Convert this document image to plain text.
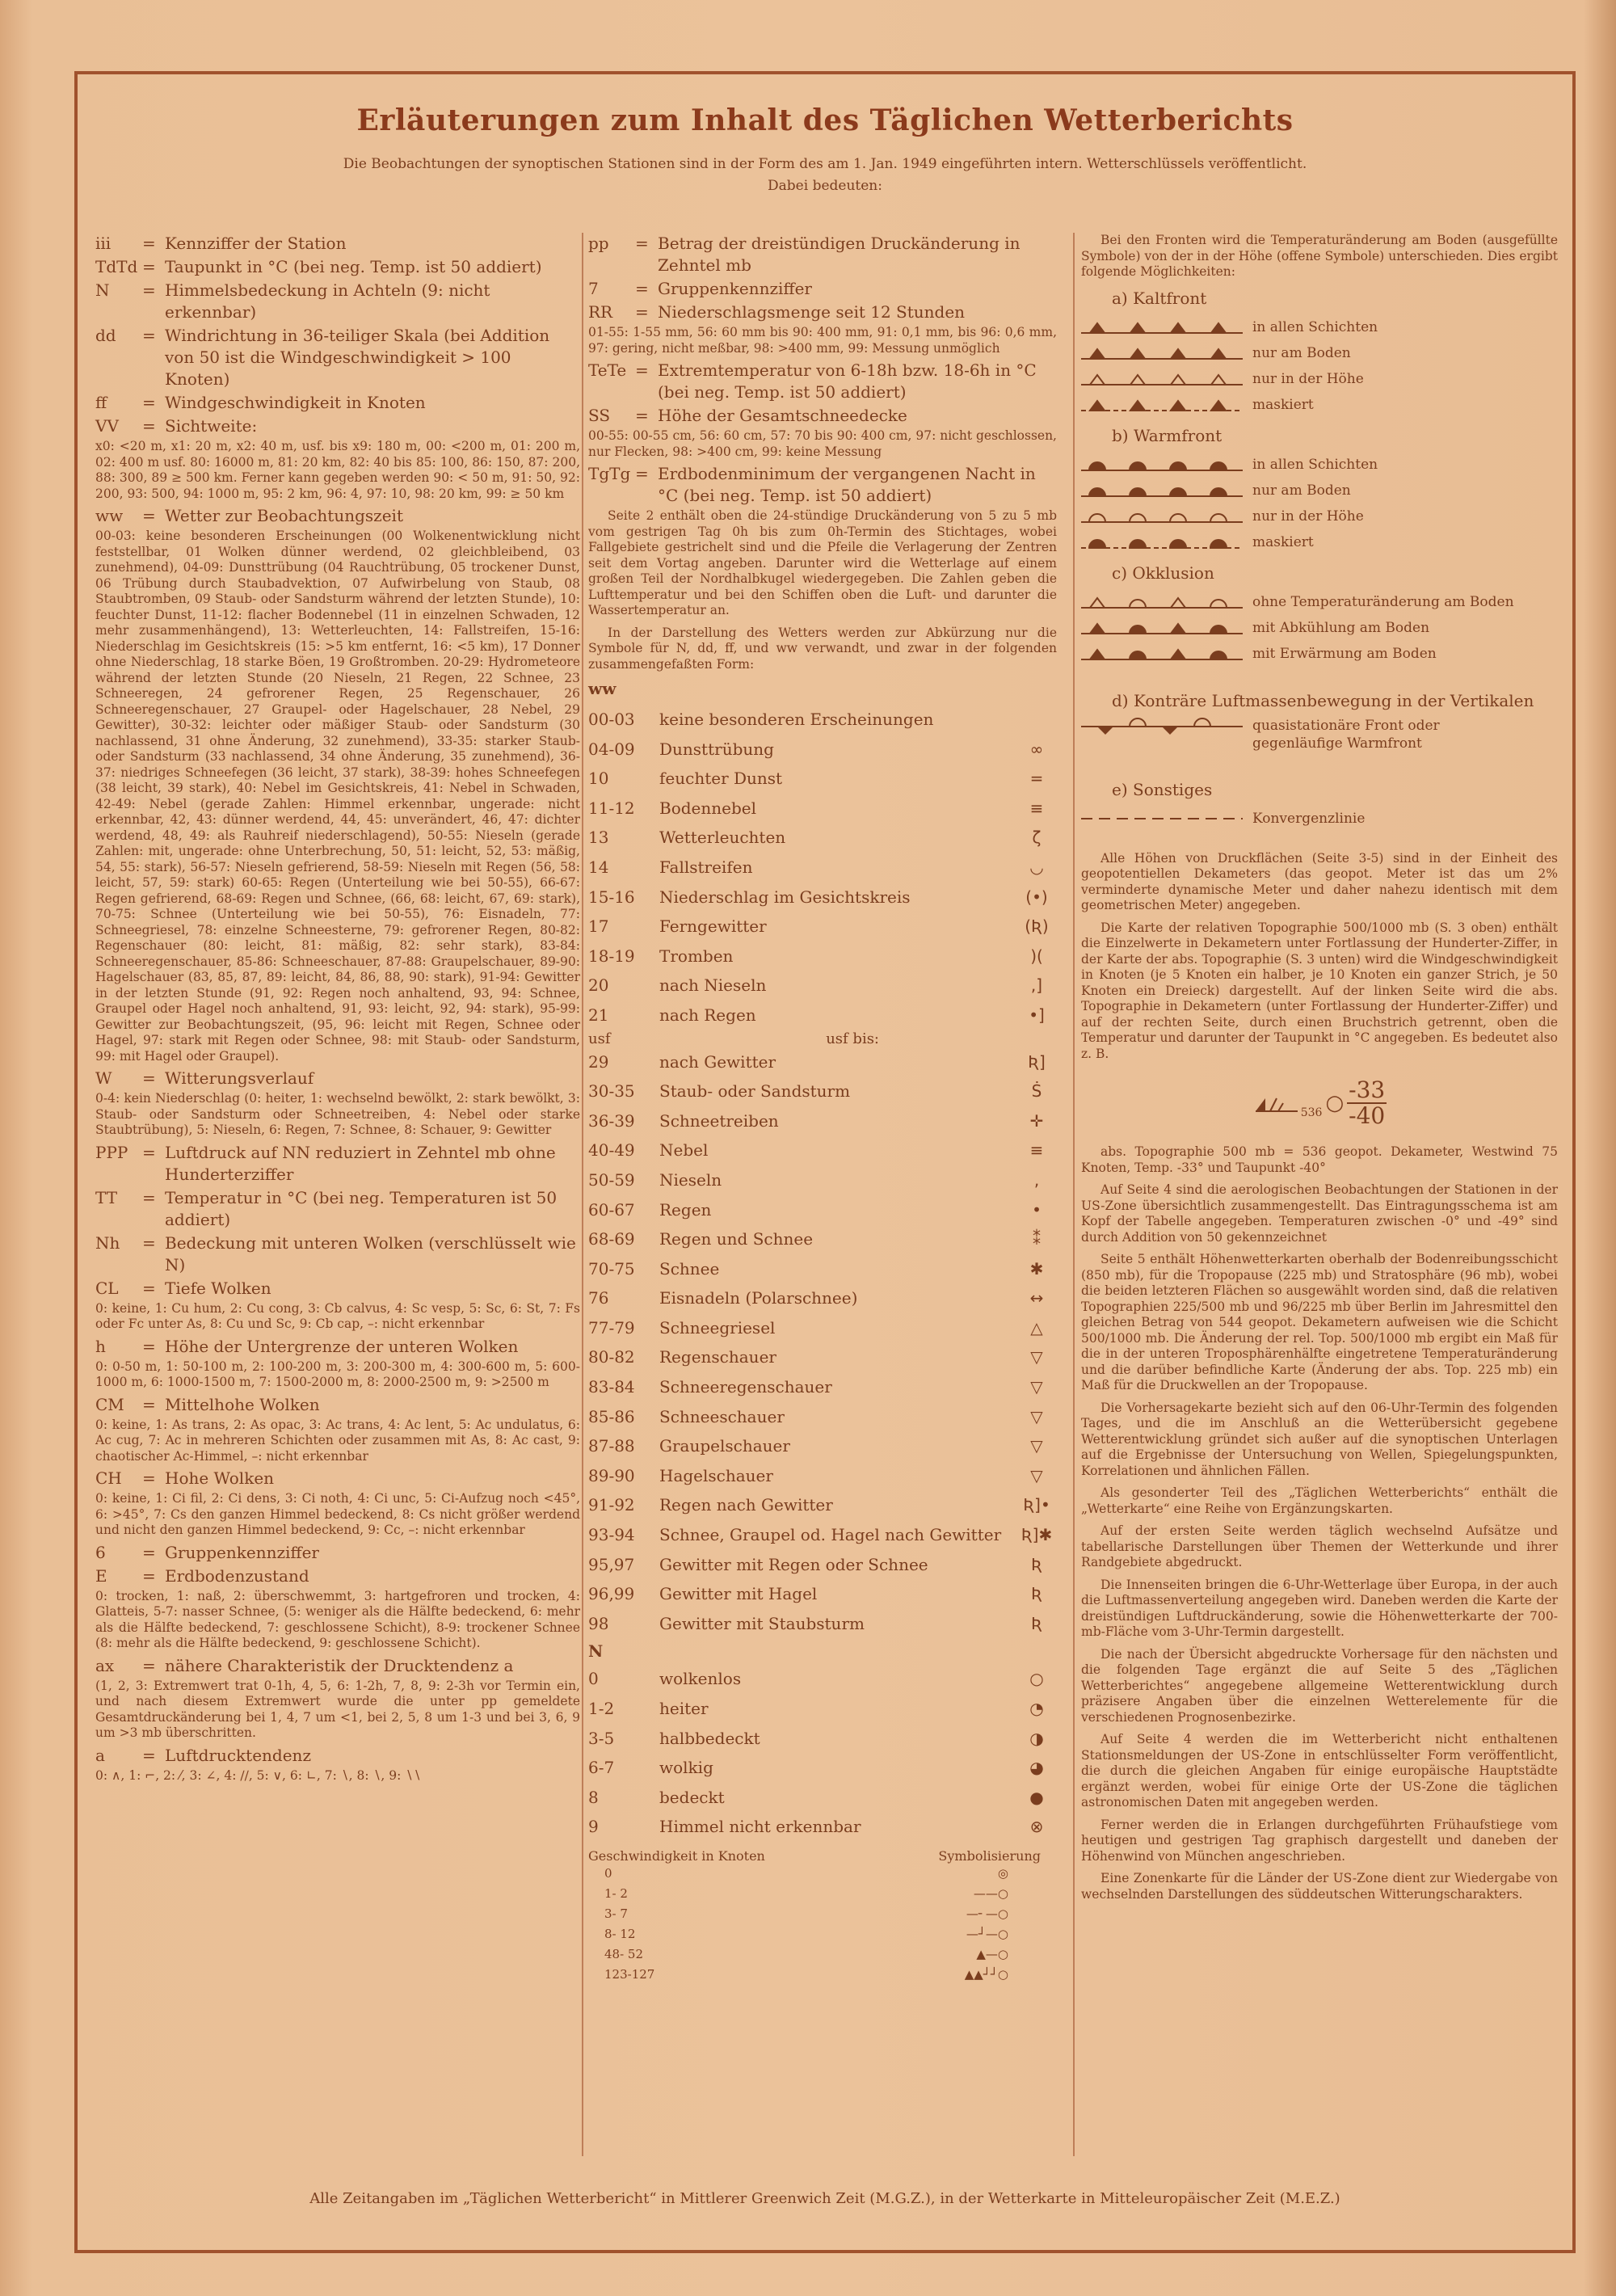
Erläuterungen zum Inhalt des Täglichen Wetterberichts
Die Beobachtungen der synoptischen Stationen sind in der Form des am 1. Jan. 1949 eingeführten intern. Wetterschlüssels veröffentlicht.
Dabei bedeuten:
iii	= Kennziffer der Station
TdTd = Taupunkt in °C (bei neg. Temp. ist 50 addiert)
N	= Himmelsbedeckung in Achteln (9: nicht erkennbar)
dd	= Windrichtung in 36-teiliger Skala (bei Addition von 50 ist die Windgeschwindigkeit > 100 Knoten)
ff	= Windgeschwindigkeit in Knoten
VV	= Sichtweite:
x0: <20 m, x1: 20 m, x2: 40 m, usf. bis x9: 180 m, 00: <200 m, 01: 200 m, 02: 400 m usf. 80: 16000 m, 81: 20 km, 82: 40 bis 85: 100, 86: 150, 87: 200, 88: 300, 89 ≥ 500 km. Ferner kann gegeben werden 90: < 50 m, 91: 50, 92: 200, 93: 500, 94: 1000 m, 95: 2 km, 96: 4, 97: 10, 98: 20 km, 99: ≥ 50 km
ww	= Wetter zur Beobachtungszeit
00-03: keine besonderen Erscheinungen (00 Wolkenentwicklung nicht feststellbar, 01 Wolken dünner werdend, 02 gleichbleibend, 03 zunehmend), 04-09: Dunsttrübung (04 Rauchtrübung, 05 trockener Dunst, 06 Trübung durch Staubadvektion, 07 Aufwirbelung von Staub, 08 Staubtromben, 09 Staub- oder Sandsturm während der letzten Stunde), 10: feuchter Dunst, 11-12: flacher Bodennebel (11 in einzelnen Schwaden, 12 mehr zusammenhängend), 13: Wetterleuchten, 14: Fallstreifen, 15-16: Niederschlag im Gesichtskreis (15: >5 km entfernt, 16: <5 km), 17 Donner ohne Niederschlag, 18 starke Böen, 19 Großtromben. 20-29: Hydrometeore während der letzten Stunde (20 Nieseln, 21 Regen, 22 Schnee, 23 Schneeregen, 24 gefrorener Regen, 25 Regenschauer, 26 Schneeregenschauer, 27 Graupel- oder Hagelschauer, 28 Nebel, 29 Gewitter), 30-32: leichter oder mäßiger Staub- oder Sandsturm (30 nachlassend, 31 ohne Änderung, 32 zunehmend), 33-35: starker Staub- oder Sandsturm (33 nachlassend, 34 ohne Änderung, 35 zunehmend), 36-37: niedriges Schneefegen (36 leicht, 37 stark), 38-39: hohes Schneefegen (38 leicht, 39 stark), 40: Nebel im Gesichtskreis, 41: Nebel in Schwaden, 42-49: Nebel (gerade Zahlen: Himmel erkennbar, ungerade: nicht erkennbar, 42, 43: dünner werdend, 44, 45: unverändert, 46, 47: dichter werdend, 48, 49: als Rauhreif niederschlagend), 50-55: Nieseln (gerade Zahlen: mit, ungerade: ohne Unterbrechung, 50, 51: leicht, 52, 53: mäßig, 54, 55: stark), 56-57: Nieseln gefrierend, 58-59: Nieseln mit Regen (56, 58: leicht, 57, 59: stark) 60-65: Regen (Unterteilung wie bei 50-55), 66-67: Regen gefrierend, 68-69: Regen und Schnee, (66, 68: leicht, 67, 69: stark), 70-75: Schnee (Unterteilung wie bei 50-55), 76: Eisnadeln, 77: Schneegriesel, 78: einzelne Schneesterne, 79: gefrorener Regen, 80-82: Regenschauer (80: leicht, 81: mäßig, 82: sehr stark), 83-84: Schneeregenschauer, 85-86: Schneeschauer, 87-88: Graupelschauer, 89-90: Hagelschauer (83, 85, 87, 89: leicht, 84, 86, 88, 90: stark), 91-94: Gewitter in der letzten Stunde (91, 92: Regen noch anhaltend, 93, 94: Schnee, Graupel oder Hagel noch anhaltend, 91, 93: leicht, 92, 94: stark), 95-99: Gewitter zur Beobachtungszeit, (95, 96: leicht mit Regen, Schnee oder Hagel, 97: stark mit Regen oder Schnee, 98: mit Staub- oder Sandsturm, 99: mit Hagel oder Graupel).
W	= Witterungsverlauf
0-4: kein Niederschlag (0: heiter, 1: wechselnd bewölkt, 2: stark bewölkt, 3: Staub- oder Sandsturm oder Schneetreiben, 4: Nebel oder starke Staubtrübung), 5: Nieseln, 6: Regen, 7: Schnee, 8: Schauer, 9: Gewitter
PPP = Luftdruck auf NN reduziert in Zehntel mb ohne Hunderterziffer
TT	= Temperatur in °C (bei neg. Temperaturen ist 50 addiert)
Nh	= Bedeckung mit unteren Wolken (verschlüsselt wie N)
CL	= Tiefe Wolken
0: keine, 1: Cu hum, 2: Cu cong, 3: Cb calvus, 4: Sc vesp, 5: Sc, 6: St, 7: Fs oder Fc unter As, 8: Cu und Sc, 9: Cb cap, –: nicht erkennbar
h	= Höhe der Untergrenze der unteren Wolken
0: 0-50 m, 1: 50-100 m, 2: 100-200 m, 3: 200-300 m, 4: 300-600 m, 5: 600-1000 m, 6: 1000-1500 m, 7: 1500-2000 m, 8: 2000-2500 m, 9: >2500 m
CM	= Mittelhohe Wolken
0: keine, 1: As trans, 2: As opac, 3: Ac trans, 4: Ac lent, 5: Ac undulatus, 6: Ac cug, 7: Ac in mehreren Schichten oder zusammen mit As, 8: Ac cast, 9: chaotischer Ac-Himmel, –: nicht erkennbar
CH	= Hohe Wolken
0: keine, 1: Ci fil, 2: Ci dens, 3: Ci noth, 4: Ci unc, 5: Ci-Aufzug noch <45°, 6: >45°, 7: Cs den ganzen Himmel bedeckend, 8: Cs nicht größer werdend und nicht den ganzen Himmel bedeckend, 9: Cc, –: nicht erkennbar
6	= Gruppenkennziffer
E	= Erdbodenzustand
0: trocken, 1: naß, 2: überschwemmt, 3: hartgefroren und trocken, 4: Glatteis, 5-7: nasser Schnee, (5: weniger als die Hälfte bedeckend, 6: mehr als die Hälfte bedeckend, 7: geschlossene Schicht), 8-9: trockener Schnee (8: mehr als die Hälfte bedeckend, 9: geschlossene Schicht).
ax	= nähere Charakteristik der Drucktendenz a
(1, 2, 3: Extremwert trat 0-1h, 4, 5, 6: 1-2h, 7, 8, 9: 2-3h vor Termin ein, und nach diesem Extremwert wurde die unter pp gemeldete Gesamtdruckänderung bei 1, 4, 7 um <1, bei 2, 5, 8 um 1-3 und bei 3, 6, 9 um >3 mb überschritten.
a	= Luftdrucktendenz
0: ∧, 1: ⌐, 2: ⁄, 3: ∠, 4: ∕∕, 5: ∨, 6: ∟, 7: ∖, 8: ∖, 9: ∖∖
pp	= Betrag der dreistündigen Druckänderung in Zehntel mb
7	= Gruppenkennziffer
RR	= Niederschlagsmenge seit 12 Stunden
01-55: 1-55 mm, 56: 60 mm bis 90: 400 mm, 91: 0,1 mm, bis 96: 0,6 mm, 97: gering, nicht meßbar, 98: >400 mm, 99: Messung unmöglich
TeTe = Extremtemperatur von 6-18h bzw. 18-6h in °C (bei neg. Temp. ist 50 addiert)
SS	= Höhe der Gesamtschneedecke
00-55: 00-55 cm, 56: 60 cm, 57: 70 bis 90: 400 cm, 97: nicht geschlossen, nur Flecken, 98: >400 cm, 99: keine Messung
TgTg = Erdbodenminimum der vergangenen Nacht in °C (bei neg. Temp. ist 50 addiert)
Seite 2 enthält oben die 24-stündige Druckänderung von 5 zu 5 mb vom gestrigen Tag 0h bis zum 0h-Termin des Stichtages, wobei Fallgebiete gestrichelt sind und die Pfeile die Verlagerung der Zentren seit dem Vortag angeben. Darunter wird die Wetterlage auf einem großen Teil der Nordhalbkugel wiedergegeben. Die Zahlen geben die Lufttemperatur und bei den Schiffen oben die Luft- und darunter die Wassertemperatur an.
In der Darstellung des Wetters werden zur Abkürzung nur die Symbole für N, dd, ff, und ww verwandt, und zwar in der folgenden zusammengefaßten Form:
ww
00-03	keine besonderen Erscheinungen
04-09	Dunsttrübung	∞
10	feuchter Dunst	=
11-12	Bodennebel	≡
13	Wetterleuchten	ζ
14	Fallstreifen	◡
15-16	Niederschlag im Gesichtskreis	(•)
17	Ferngewitter	(Ʀ)
18-19	Tromben	)(
20	nach Nieseln	,]
21	nach Regen	•]
usf	usf bis:
29	nach Gewitter	Ʀ]
30-35	Staub- oder Sandsturm	Ṡ
36-39	Schneetreiben	✛
40-49	Nebel	≡
50-59	Nieseln	,
60-67	Regen	•
68-69	Regen und Schnee	⁑
70-75	Schnee	✱
76	Eisnadeln (Polarschnee)	↔
77-79	Schneegriesel	△
80-82	Regenschauer	▽
83-84	Schneeregenschauer	▽
85-86	Schneeschauer	▽
87-88	Graupelschauer	▽
89-90	Hagelschauer	▽
91-92	Regen nach Gewitter	Ʀ]•
93-94	Schnee, Graupel od. Hagel nach Gewitter	Ʀ]✱
95,97	Gewitter mit Regen oder Schnee	Ʀ
96,99	Gewitter mit Hagel	Ʀ
98	Gewitter mit Staubsturm	Ʀ
N
0	wolkenlos	○
1-2	heiter	◔
3-5	halbbedeckt	◑
6-7	wolkig	◕
8	bedeckt	●
9	Himmel nicht erkennbar	⊗
Geschwindigkeit in Knoten	Symbolisierung
0	◎
1- 2	——○
3- 7	—╴—○
8- 12	—┘—○
48- 52	▲—○
123-127	▲▲┘┘○
Bei den Fronten wird die Temperaturänderung am Boden (ausgefüllte Symbole) von der in der Höhe (offene Symbole) unterschieden. Dies ergibt folgende Möglichkeiten:
a) Kaltfront
in allen Schichten
nur am Boden
nur in der Höhe
maskiert
b) Warmfront
in allen Schichten
nur am Boden
nur in der Höhe
maskiert
c) Okklusion
ohne Temperaturänderung am Boden
mit Abkühlung am Boden
mit Erwärmung am Boden
d) Konträre Luftmassenbewegung in der Vertikalen
quasistationäre Front oder gegenläufige Warmfront
e) Sonstiges
Konvergenzlinie
Alle Höhen von Druckflächen (Seite 3-5) sind in der Einheit des geopotentiellen Dekameters (das geopot. Meter ist das um 2% verminderte dynamische Meter und daher nahezu identisch mit dem geometrischen Meter) angegeben.
Die Karte der relativen Topographie 500/1000 mb (S. 3 oben) enthält die Einzelwerte in Dekametern unter Fortlassung der Hunderter-Ziffer, in der Karte der abs. Topographie (S. 3 unten) wird die Windgeschwindigkeit in Knoten (je 5 Knoten ein halber, je 10 Knoten ein ganzer Strich, je 50 Knoten ein Dreieck) dargestellt. Auf der linken Seite wird die abs. Topographie in Dekametern (unter Fortlassung der Hunderter-Ziffer) und auf der rechten Seite, durch einen Bruchstrich getrennt, oben die Temperatur und darunter der Taupunkt in °C angegeben. Es bedeutet also z. B.
536 ○ -33
-40
abs. Topographie 500 mb = 536 geopot. Dekameter, Westwind 75 Knoten, Temp. -33° und Taupunkt -40°
Auf Seite 4 sind die aerologischen Beobachtungen der Stationen in der US-Zone übersichtlich zusammengestellt. Das Eintragungsschema ist am Kopf der Tabelle angegeben. Temperaturen zwischen -0° und -49° sind durch Addition von 50 gekennzeichnet
Seite 5 enthält Höhenwetterkarten oberhalb der Bodenreibungsschicht (850 mb), für die Tropopause (225 mb) und Stratosphäre (96 mb), wobei die beiden letzteren Flächen so ausgewählt worden sind, daß die relativen Topographien 225/500 mb und 96/225 mb über Berlin im Jahresmittel den gleichen Betrag von 544 geopot. Dekametern aufweisen wie die Schicht 500/1000 mb. Die Änderung der rel. Top. 500/1000 mb ergibt ein Maß für die in der unteren Troposphärenhälfte eingetretene Temperaturänderung und die darüber befindliche Karte (Änderung der abs. Top. 225 mb) ein Maß für die Druckwellen an der Tropopause.
Die Vorhersagekarte bezieht sich auf den 06-Uhr-Termin des folgenden Tages, und die im Anschluß an die Wetterübersicht gegebene Wetterentwicklung gründet sich außer auf die synoptischen Unterlagen auf die Ergebnisse der Untersuchung von Wellen, Spiegelungspunkten, Korrelationen und ähnlichen Fällen.
Als gesonderter Teil des „Täglichen Wetterberichts“ enthält die „Wetterkarte“ eine Reihe von Ergänzungskarten.
Auf der ersten Seite werden täglich wechselnd Aufsätze und tabellarische Darstellungen über Themen der Wetterkunde und ihrer Randgebiete abgedruckt.
Die Innenseiten bringen die 6-Uhr-Wetterlage über Europa, in der auch die Luftmassenverteilung angegeben wird. Daneben werden die Karte der dreistündigen Luftdruckänderung, sowie die Höhenwetterkarte der 700-mb-Fläche vom 3-Uhr-Termin dargestellt.
Die nach der Übersicht abgedruckte Vorhersage für den nächsten und die folgenden Tage ergänzt die auf Seite 5 des „Täglichen Wetterberichtes“ angegebene allgemeine Wetterentwicklung durch präzisere Angaben über die einzelnen Wetterelemente für die verschiedenen Prognosenbezirke.
Auf Seite 4 werden die im Wetterbericht nicht enthaltenen Stationsmeldungen der US-Zone in entschlüsselter Form veröffentlicht, die durch die gleichen Angaben für einige europäische Hauptstädte ergänzt werden, wobei für einige Orte der US-Zone die täglichen astronomischen Daten mit angegeben werden.
Ferner werden die in Erlangen durchgeführten Frühaufstiege vom heutigen und gestrigen Tag graphisch dargestellt und daneben der Höhenwind von München angeschrieben.
Eine Zonenkarte für die Länder der US-Zone dient zur Wiedergabe von wechselnden Darstellungen des süddeutschen Witterungscharakters.
Alle Zeitangaben im „Täglichen Wetterbericht“ in Mittlerer Greenwich Zeit (M.G.Z.), in der Wetterkarte in Mitteleuropäischer Zeit (M.E.Z.)
